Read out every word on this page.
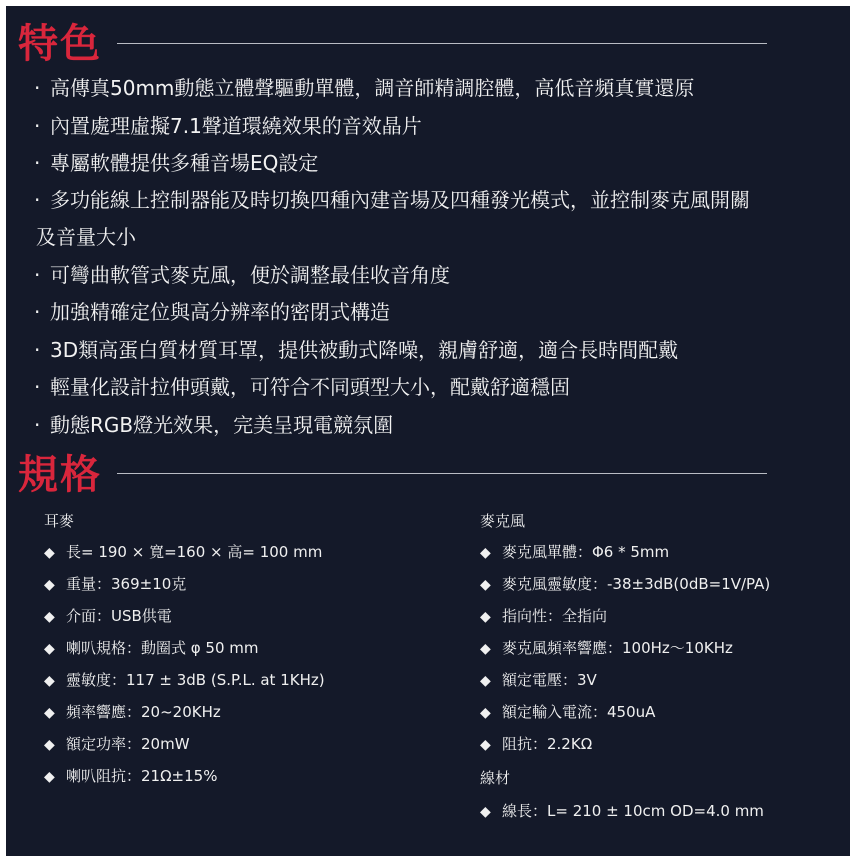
特色
· 高傳真50mm動態立體聲驅動單體，調音師精調腔體，高低音頻真實還原
· 內置處理虛擬7.1聲道環繞效果的音效晶片
· 專屬軟體提供多種音場EQ設定
· 多功能線上控制器能及時切換四種內建音場及四種發光模式，並控制麥克風開關
及音量大小
· 可彎曲軟管式麥克風，便於調整最佳收音角度
· 加強精確定位與高分辨率的密閉式構造
· 3D類高蛋白質材質耳罩，提供被動式降噪，親膚舒適，適合長時間配戴
· 輕量化設計拉伸頭戴，可符合不同頭型大小，配戴舒適穩固
· 動態RGB燈光效果，完美呈現電競氛圍
規格
耳麥
◆ 長= 190 × 寬=160 × 高= 100 mm
◆ 重量：369±10克
◆ 介面：USB供電
◆ 喇叭規格：動圈式 φ 50 mm
◆ 靈敏度：117 ± 3dB (S.P.L. at 1KHz)
◆ 頻率響應：20~20KHz
◆ 額定功率：20mW
◆ 喇叭阻抗：21Ω±15%
麥克風
◆ 麥克風單體：Φ6 * 5mm
◆ 麥克風靈敏度：-38±3dB(0dB=1V/PA)
◆ 指向性：全指向
◆ 麥克風頻率響應：100Hz～10KHz
◆ 額定電壓：3V
◆ 額定輸入電流：450uA
◆ 阻抗：2.2KΩ
線材
◆ 線長：L= 210 ± 10cm OD=4.0 mm
